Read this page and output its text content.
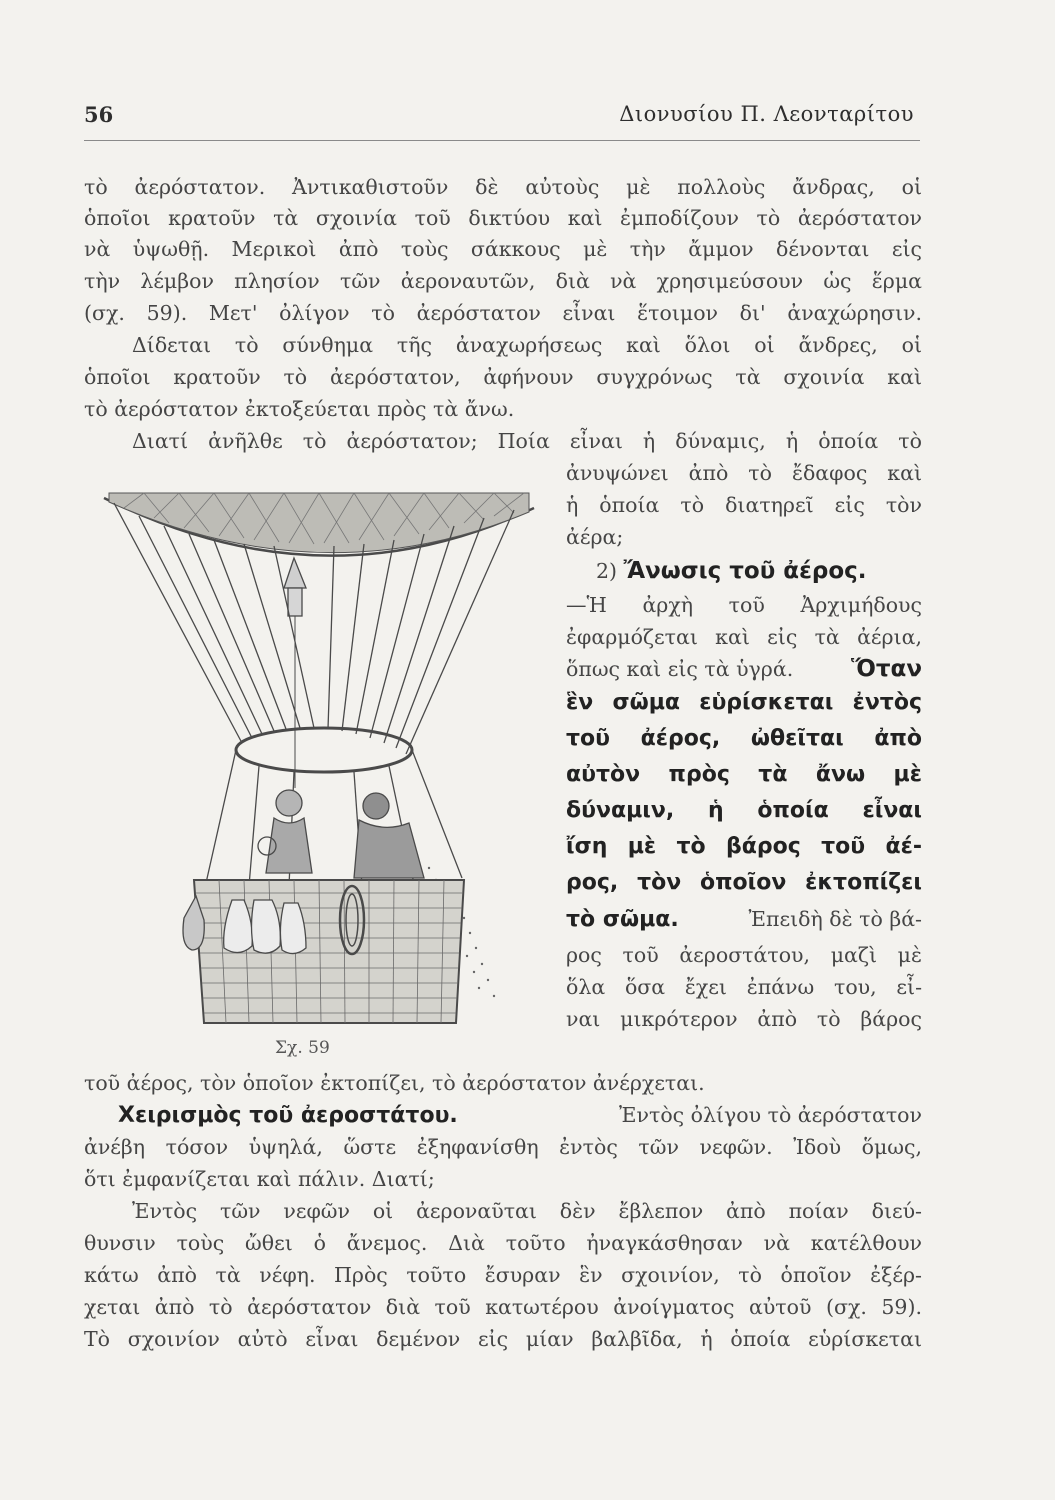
56	Διονυσίου Π. Λεονταρίτου
τὸ ἀερόστατον. Ἀντικαθιστοῦν δὲ αὐτοὺς μὲ πολλοὺς ἄνδρας, οἱ
ὁποῖοι κρατοῦν τὰ σχοινία τοῦ δικτύου καὶ ἐμποδίζουν τὸ ἀερόστατον
νὰ ὑψωθῇ. Μερικοὶ ἀπὸ τοὺς σάκκους μὲ τὴν ἄμμον δένονται εἰς
τὴν λέμβον πλησίον τῶν ἀεροναυτῶν, διὰ νὰ χρησιμεύσουν ὡς ἕρμα
(σχ. 59). Μετ' ὀλίγον τὸ ἀερόστατον εἶναι ἕτοιμον δι' ἀναχώρησιν.
Δίδεται τὸ σύνθημα τῆς ἀναχωρήσεως καὶ ὅλοι οἱ ἄνδρες, οἱ
ὁποῖοι κρατοῦν τὸ ἀερόστατον, ἀφήνουν συγχρόνως τὰ σχοινία καὶ
τὸ ἀερόστατον ἐκτοξεύεται πρὸς τὰ ἄνω.
Διατί ἀνῆλθε τὸ ἀερόστατον; Ποία εἶναι ἡ δύναμις, ἡ ὁποία τὸ
ἀνυψώνει ἀπὸ τὸ ἔδαφος καὶ
ἡ ὁποία τὸ διατηρεῖ εἰς τὸν
ἀέρα;
2) Ἄνωσις τοῦ ἀέρος.
—Ἡ ἀρχὴ τοῦ Ἀρχιμήδους
ἐφαρμόζεται καὶ εἰς τὰ ἀέρια,
ὅπως καὶ εἰς τὰ ὑγρά.	Ὅταν
ἓν σῶμα εὑρίσκεται ἐντὸς
τοῦ ἀέρος, ὠθεῖται ἀπὸ
αὐτὸν πρὸς τὰ ἄνω μὲ
δύναμιν, ἡ ὁποία εἶναι
ἴση μὲ τὸ βάρος τοῦ ἀέ-
ρος, τὸν ὁποῖον ἐκτοπίζει
τὸ σῶμα.	Ἐπειδὴ δὲ τὸ βά-
ρος τοῦ ἀεροστάτου, μαζὶ μὲ
ὅλα ὅσα ἔχει ἐπάνω του, εἶ-
ναι μικρότερον ἀπὸ τὸ βάρος
Σχ. 59
τοῦ ἀέρος, τὸν ὁποῖον ἐκτοπίζει, τὸ ἀερόστατον ἀνέρχεται.
Χειρισμὸς τοῦ ἀεροστάτου.	Ἐντὸς ὀλίγου τὸ ἀερόστατον
ἀνέβη τόσον ὑψηλά, ὥστε ἐξηφανίσθη ἐντὸς τῶν νεφῶν. Ἰδοὺ ὅμως,
ὅτι ἐμφανίζεται καὶ πάλιν. Διατί;
Ἐντὸς τῶν νεφῶν οἱ ἀεροναῦται δὲν ἔβλεπον ἀπὸ ποίαν διεύ-
θυνσιν τοὺς ὤθει ὁ ἄνεμος. Διὰ τοῦτο ἠναγκάσθησαν νὰ κατέλθουν
κάτω ἀπὸ τὰ νέφη. Πρὸς τοῦτο ἔσυραν ἓν σχοινίον, τὸ ὁποῖον ἐξέρ-
χεται ἀπὸ τὸ ἀερόστατον διὰ τοῦ κατωτέρου ἀνοίγματος αὐτοῦ (σχ. 59).
Τὸ σχοινίον αὐτὸ εἶναι δεμένον εἰς μίαν βαλβῖδα, ἡ ὁποία εὑρίσκεται
